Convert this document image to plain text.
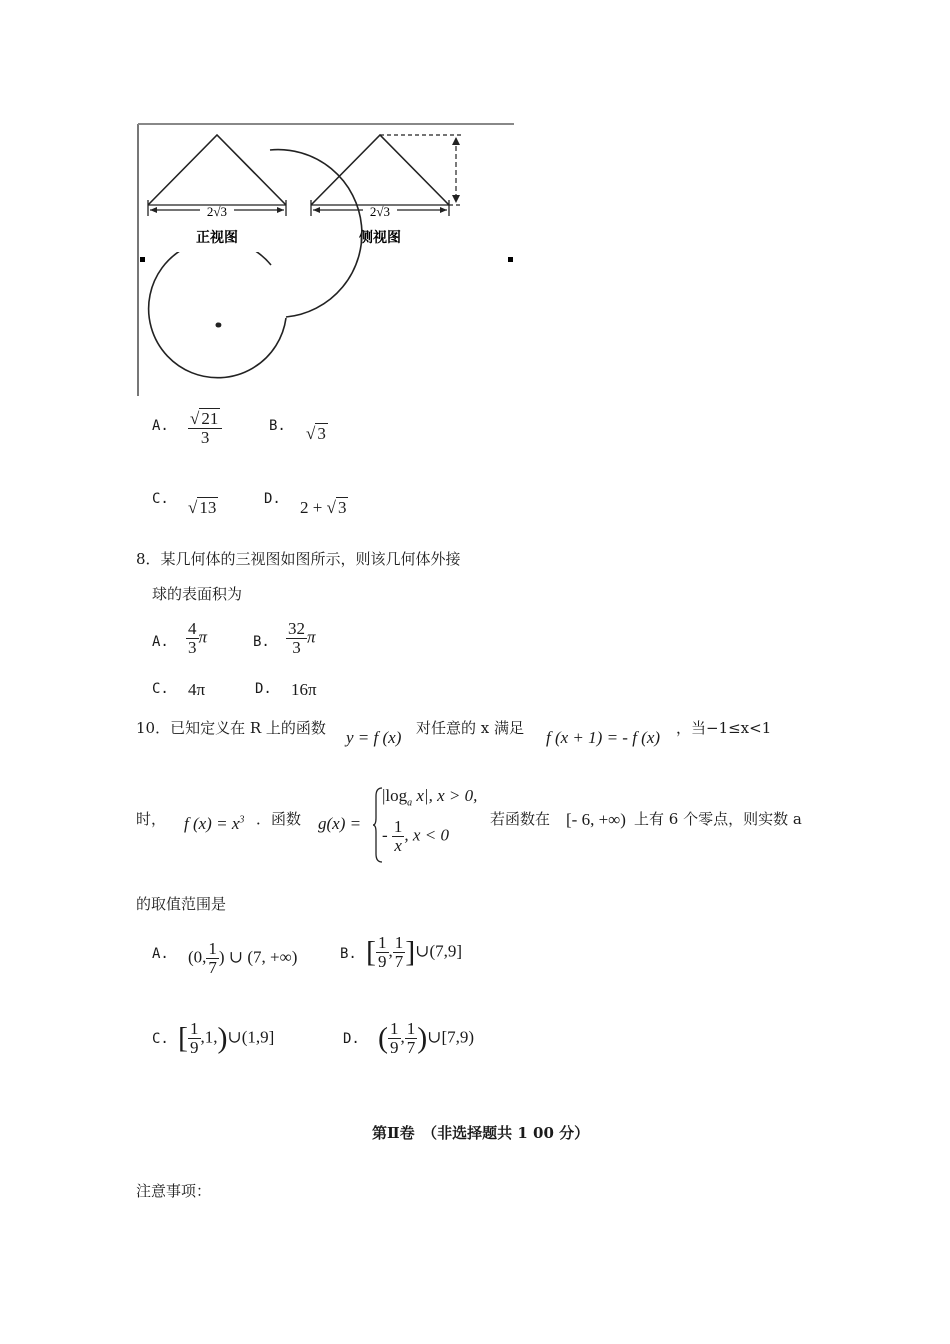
2√3
正视图
2√3
侧视图
A. $\frac{√ 21}{3}$	B. √ 3
C. √ 13	D. 2 + √ 3
8．某几何体的三视图如图所示，则该几何体外接
球的表面积为
A. $\frac{4}{3}$ π	B. $\frac{32}{3}$ π
C. 4π	D. 16π
10．已知定义在 R 上的函数 y = f (x) 对任意的 x 满足 f (x + 1) = - f (x) ，当−1≤x<1
时， f $(x) = x^3$ ．函数 g(x) =
$|\log_a$ x|, x > 0,
- $\frac{1}{x}$ , x < 0
若函数在 [- 6, +∞) 上有 6 个零点，则实数 a
的取值范围是
A. (0, $\frac{1}{7}$ ) ∪ (7, +∞)	B. [ $\frac{1}{9}$ , $\frac{1}{7}$ ]∪(7,9]
C. [ $\frac{1}{9}$ ,1,)∪(1,9]	D. ( $\frac{1}{9}$ , $\frac{1}{7}$ )∪[7,9)
第Ⅱ卷　（非选择题共 1 00 分）
注意事项：
